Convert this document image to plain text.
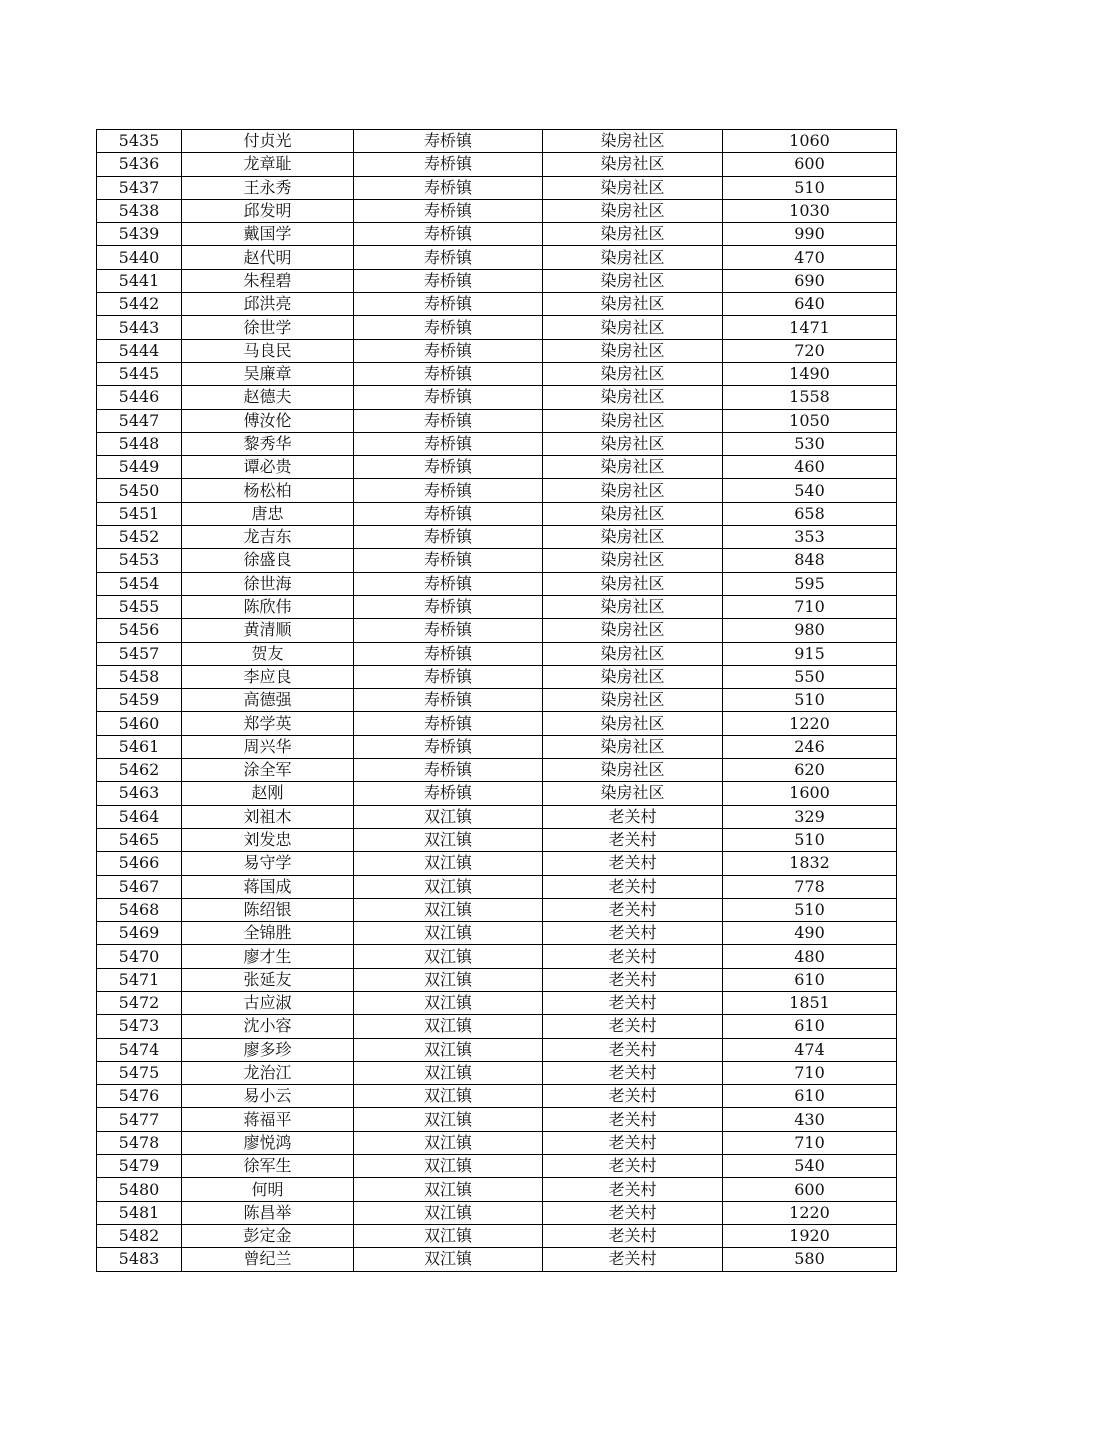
5435	付贞光	寿桥镇	染房社区	1060
5436	龙章耻	寿桥镇	染房社区	600
5437	王永秀	寿桥镇	染房社区	510
5438	邱发明	寿桥镇	染房社区	1030
5439	戴国学	寿桥镇	染房社区	990
5440	赵代明	寿桥镇	染房社区	470
5441	朱程碧	寿桥镇	染房社区	690
5442	邱洪亮	寿桥镇	染房社区	640
5443	徐世学	寿桥镇	染房社区	1471
5444	马良民	寿桥镇	染房社区	720
5445	吴廉章	寿桥镇	染房社区	1490
5446	赵德夫	寿桥镇	染房社区	1558
5447	傅汝伦	寿桥镇	染房社区	1050
5448	黎秀华	寿桥镇	染房社区	530
5449	谭必贵	寿桥镇	染房社区	460
5450	杨松柏	寿桥镇	染房社区	540
5451	唐忠	寿桥镇	染房社区	658
5452	龙吉东	寿桥镇	染房社区	353
5453	徐盛良	寿桥镇	染房社区	848
5454	徐世海	寿桥镇	染房社区	595
5455	陈欣伟	寿桥镇	染房社区	710
5456	黄清顺	寿桥镇	染房社区	980
5457	贺友	寿桥镇	染房社区	915
5458	李应良	寿桥镇	染房社区	550
5459	高德强	寿桥镇	染房社区	510
5460	郑学英	寿桥镇	染房社区	1220
5461	周兴华	寿桥镇	染房社区	246
5462	涂全军	寿桥镇	染房社区	620
5463	赵刚	寿桥镇	染房社区	1600
5464	刘祖木	双江镇	老关村	329
5465	刘发忠	双江镇	老关村	510
5466	易守学	双江镇	老关村	1832
5467	蒋国成	双江镇	老关村	778
5468	陈绍银	双江镇	老关村	510
5469	全锦胜	双江镇	老关村	490
5470	廖才生	双江镇	老关村	480
5471	张延友	双江镇	老关村	610
5472	古应淑	双江镇	老关村	1851
5473	沈小容	双江镇	老关村	610
5474	廖多珍	双江镇	老关村	474
5475	龙治江	双江镇	老关村	710
5476	易小云	双江镇	老关村	610
5477	蒋福平	双江镇	老关村	430
5478	廖悦鸿	双江镇	老关村	710
5479	徐军生	双江镇	老关村	540
5480	何明	双江镇	老关村	600
5481	陈昌举	双江镇	老关村	1220
5482	彭定金	双江镇	老关村	1920
5483	曾纪兰	双江镇	老关村	580
